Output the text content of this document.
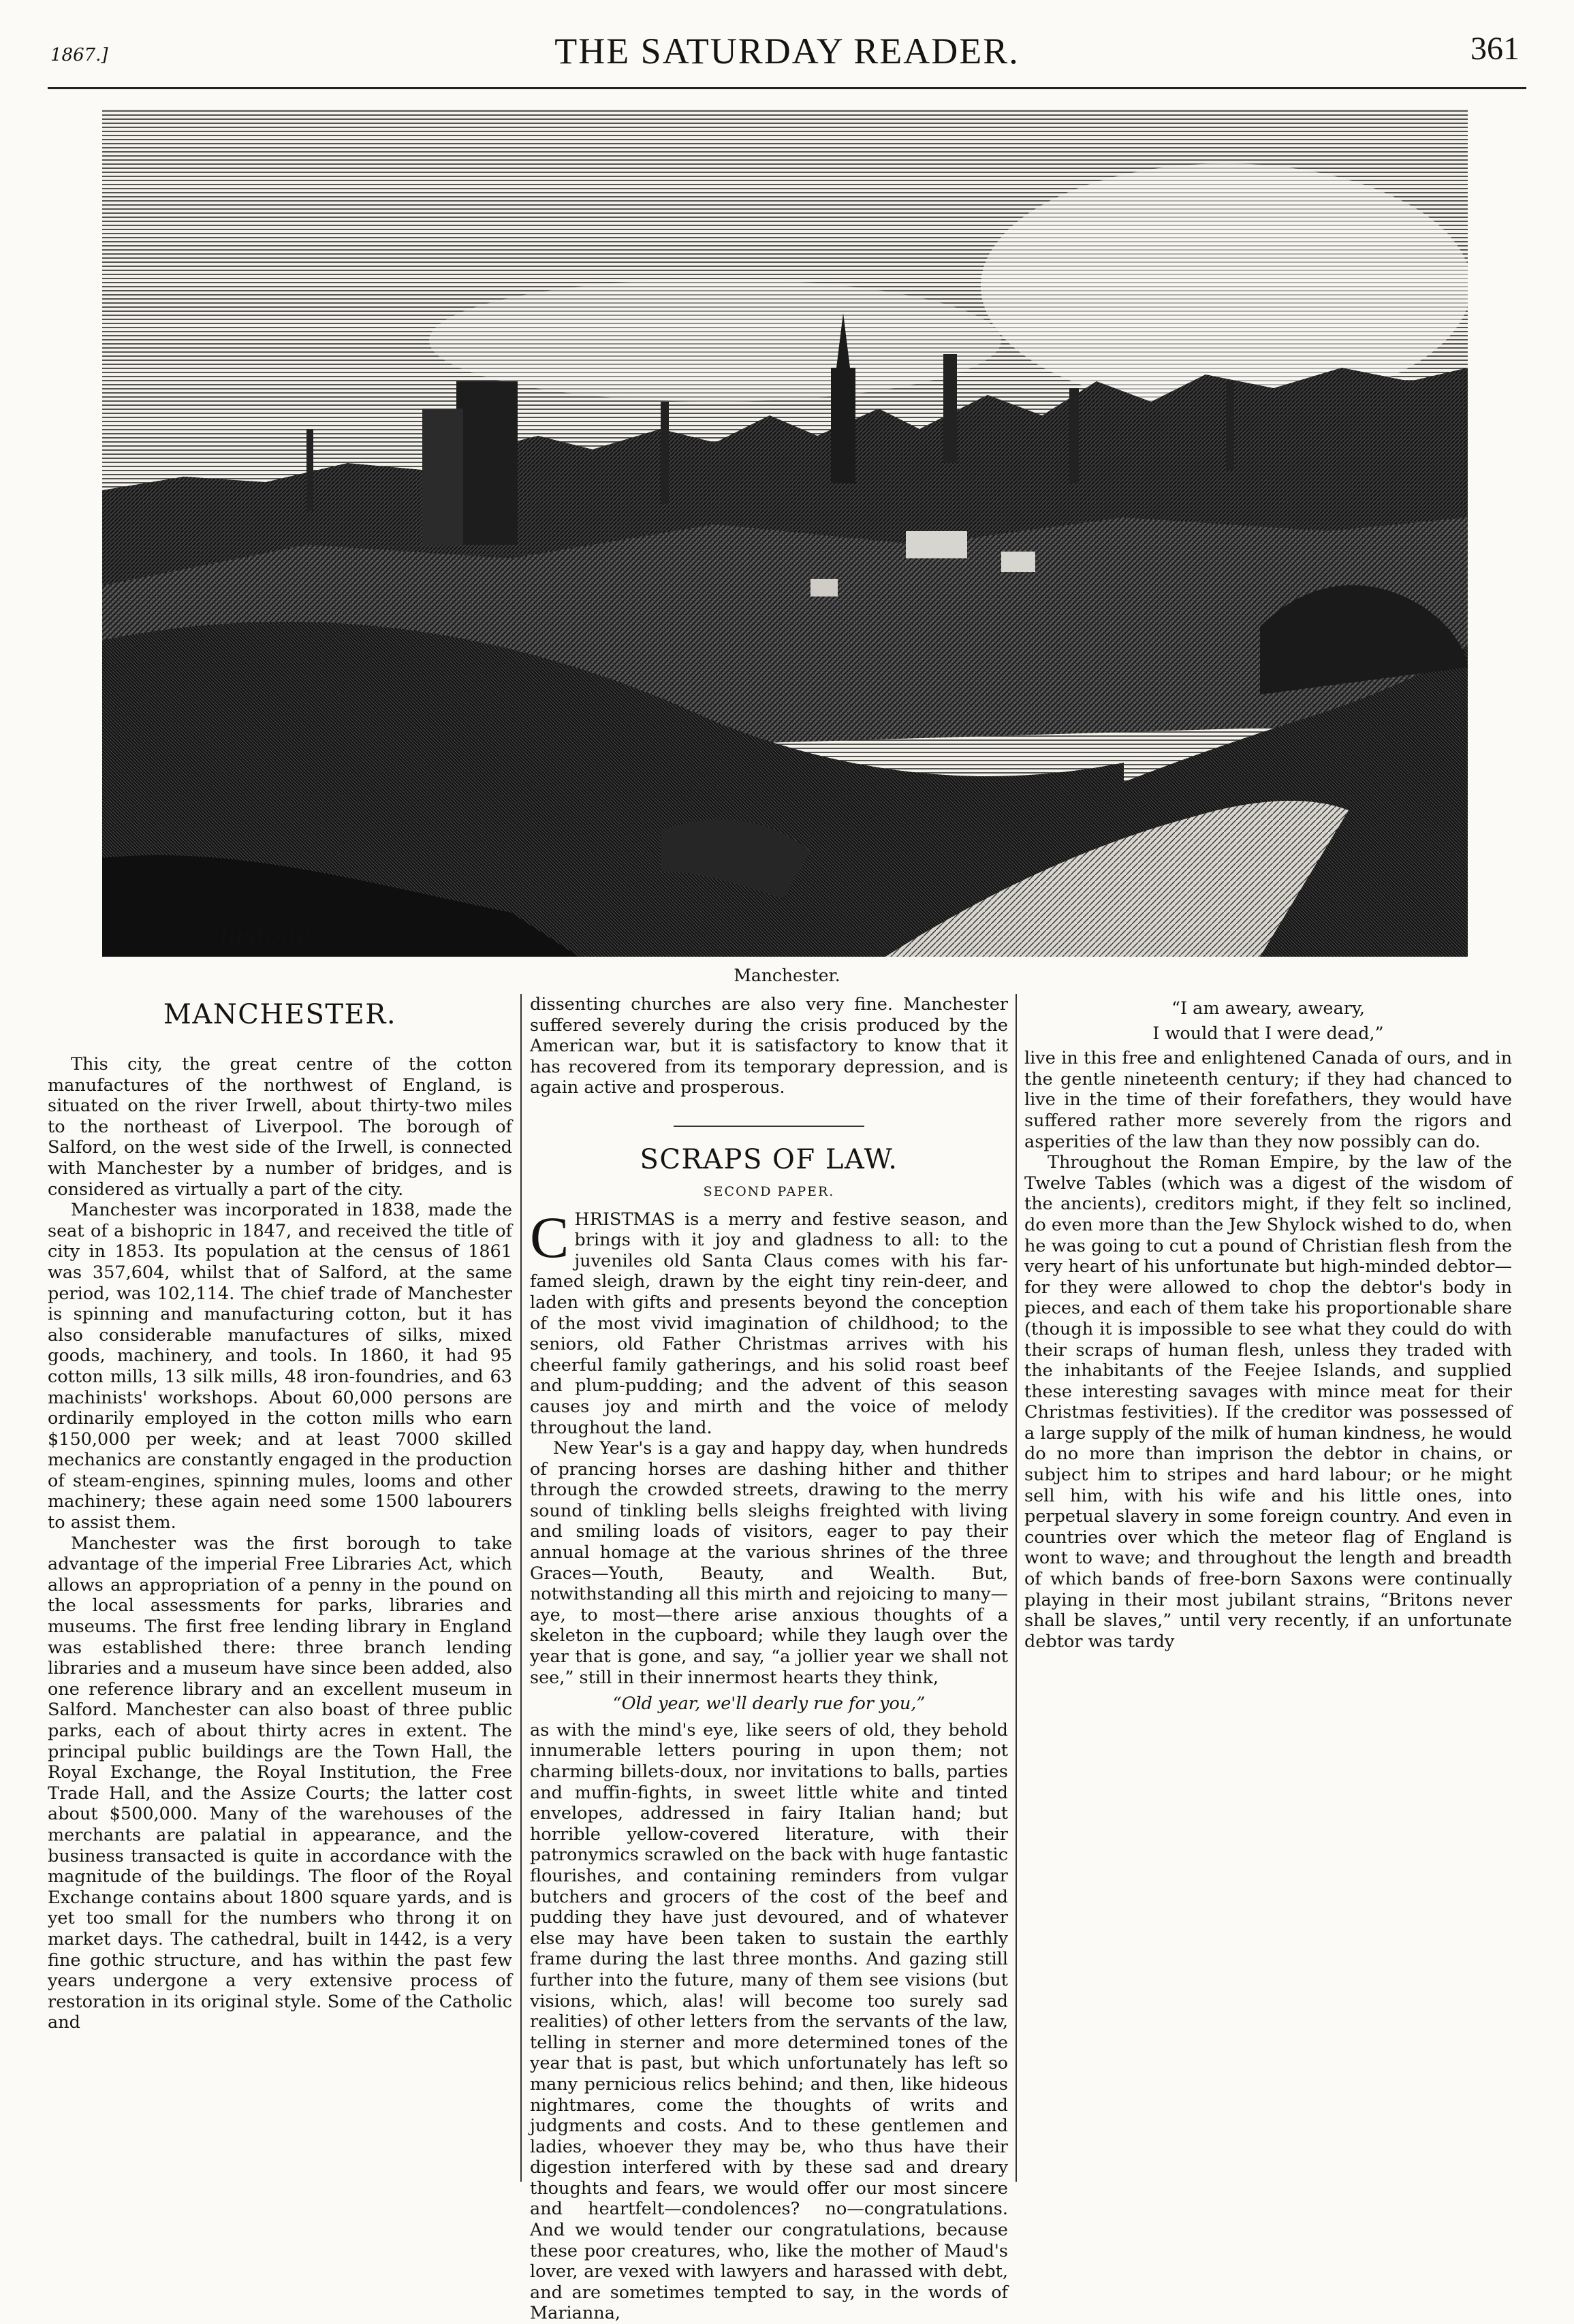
1867.]	THE SATURDAY READER.	361
Justone
Manchester.
MANCHESTER.

This city, the great centre of the cotton manufactures of the northwest of England, is situated on the river Irwell, about thirty-two miles to the northeast of Liverpool. The borough of Salford, on the west side of the Irwell, is connected with Manchester by a number of bridges, and is considered as virtually a part of the city.

Manchester was incorporated in 1838, made the seat of a bishopric in 1847, and received the title of city in 1853. Its population at the census of 1861 was 357,604, whilst that of Salford, at the same period, was 102,114. The chief trade of Manchester is spinning and manufacturing cotton, but it has also considerable manufactures of silks, mixed goods, machinery, and tools. In 1860, it had 95 cotton mills, 13 silk mills, 48 iron-foundries, and 63 machinists' workshops. About 60,000 persons are ordinarily employed in the cotton mills who earn $150,000 per week; and at least 7000 skilled mechanics are constantly engaged in the production of steam-engines, spinning mules, looms and other machinery; these again need some 1500 labourers to assist them.

Manchester was the first borough to take advantage of the imperial Free Libraries Act, which allows an appropriation of a penny in the pound on the local assessments for parks, libraries and museums. The first free lending library in England was established there: three branch lending libraries and a museum have since been added, also one reference library and an excellent museum in Salford. Manchester can also boast of three public parks, each of about thirty acres in extent. The principal public buildings are the Town Hall, the Royal Exchange, the Royal Institution, the Free Trade Hall, and the Assize Courts; the latter cost about $500,000. Many of the warehouses of the merchants are palatial in appearance, and the business transacted is quite in accordance with the magnitude of the buildings. The floor of the Royal Exchange contains about 1800 square yards, and is yet too small for the numbers who throng it on market days. The cathedral, built in 1442, is a very fine gothic structure, and has within the past few years undergone a very extensive process of restoration in its original style. Some of the Catholic and

dissenting churches are also very fine. Manchester suffered severely during the crisis produced by the American war, but it is satisfactory to know that it has recovered from its temporary depression, and is again active and prosperous.

SCRAPS OF LAW.
SECOND PAPER.

CHRISTMAS is a merry and festive season, and brings with it joy and gladness to all: to the juveniles old Santa Claus comes with his far-famed sleigh, drawn by the eight tiny rein-deer, and laden with gifts and presents beyond the conception of the most vivid imagination of childhood; to the seniors, old Father Christmas arrives with his cheerful family gatherings, and his solid roast beef and plum-pudding; and the advent of this season causes joy and mirth and the voice of melody throughout the land.

New Year's is a gay and happy day, when hundreds of prancing horses are dashing hither and thither through the crowded streets, drawing to the merry sound of tinkling bells sleighs freighted with living and smiling loads of visitors, eager to pay their annual homage at the various shrines of the three Graces—Youth, Beauty, and Wealth. But, notwithstanding all this mirth and rejoicing to many—aye, to most—there arise anxious thoughts of a skeleton in the cupboard; while they laugh over the year that is gone, and say, “a jollier year we shall not see,” still in their innermost hearts they think,

“Old year, we'll dearly rue for you,”

as with the mind's eye, like seers of old, they behold innumerable letters pouring in upon them; not charming billets-doux, nor invitations to balls, parties and muffin-fights, in sweet little white and tinted envelopes, addressed in fairy Italian hand; but horrible yellow-covered literature, with their patronymics scrawled on the back with huge fantastic flourishes, and containing reminders from vulgar butchers and grocers of the cost of the beef and pudding they have just devoured, and of whatever else may have been taken to sustain the earthly frame during the last three months. And gazing still further into the future, many of them see visions (but visions, which, alas! will become too surely sad realities) of other letters from the servants of the law, telling in sterner and more determined tones of the year that is past, but which unfortunately has left so many pernicious relics behind; and then, like hideous nightmares, come the thoughts of writs and judgments and costs. And to these gentlemen and ladies, whoever they may be, who thus have their digestion interfered with by these sad and dreary thoughts and fears, we would offer our most sincere and heartfelt—condolences? no—congratulations. And we would tender our congratulations, because these poor creatures, who, like the mother of Maud's lover, are vexed with lawyers and harassed with debt, and are sometimes tempted to say, in the words of Marianna,

“I am aweary, aweary,

I would that I were dead,”

live in this free and enlightened Canada of ours, and in the gentle nineteenth century; if they had chanced to live in the time of their forefathers, they would have suffered rather more severely from the rigors and asperities of the law than they now possibly can do.

Throughout the Roman Empire, by the law of the Twelve Tables (which was a digest of the wisdom of the ancients), creditors might, if they felt so inclined, do even more than the Jew Shylock wished to do, when he was going to cut a pound of Christian flesh from the very heart of his unfortunate but high-minded debtor—for they were allowed to chop the debtor's body in pieces, and each of them take his proportionable share (though it is impossible to see what they could do with their scraps of human flesh, unless they traded with the inhabitants of the Feejee Islands, and supplied these interesting savages with mince meat for their Christmas festivities). If the creditor was possessed of a large supply of the milk of human kindness, he would do no more than imprison the debtor in chains, or subject him to stripes and hard labour; or he might sell him, with his wife and his little ones, into perpetual slavery in some foreign country. And even in countries over which the meteor flag of England is wont to wave; and throughout the length and breadth of which bands of free-born Saxons were continually playing in their most jubilant strains, “Britons never shall be slaves,” until very recently, if an unfortunate debtor was tardy
